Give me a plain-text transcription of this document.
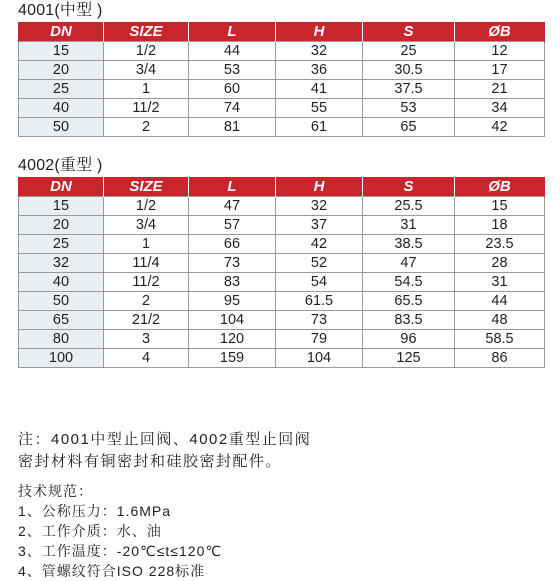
4001(中型 )
DN	SIZE	L	H	S	ØB
15	1/2	44	32	25	12
20	3/4	53	36	30.5	17
25	1	60	41	37.5	21
40	11/2	74	55	53	34
50	2	81	61	65	42
4002(重型 )
DN	SIZE	L	H	S	ØB
15	1/2	47	32	25.5	15
20	3/4	57	37	31	18
25	1	66	42	38.5	23.5
32	11/4	73	52	47	28
40	11/2	83	54	54.5	31
50	2	95	61.5	65.5	44
65	21/2	104	73	83.5	48
80	3	120	79	96	58.5
100	4	159	104	125	86
注：4001中型止回阀、4002重型止回阀
密封材料有铜密封和硅胶密封配件。
技术规范：
1、公称压力：1.6MPa
2、工作介质：水、油
3、工作温度：-20℃≤t≤120℃
4、管螺纹符合ISO 228标准
